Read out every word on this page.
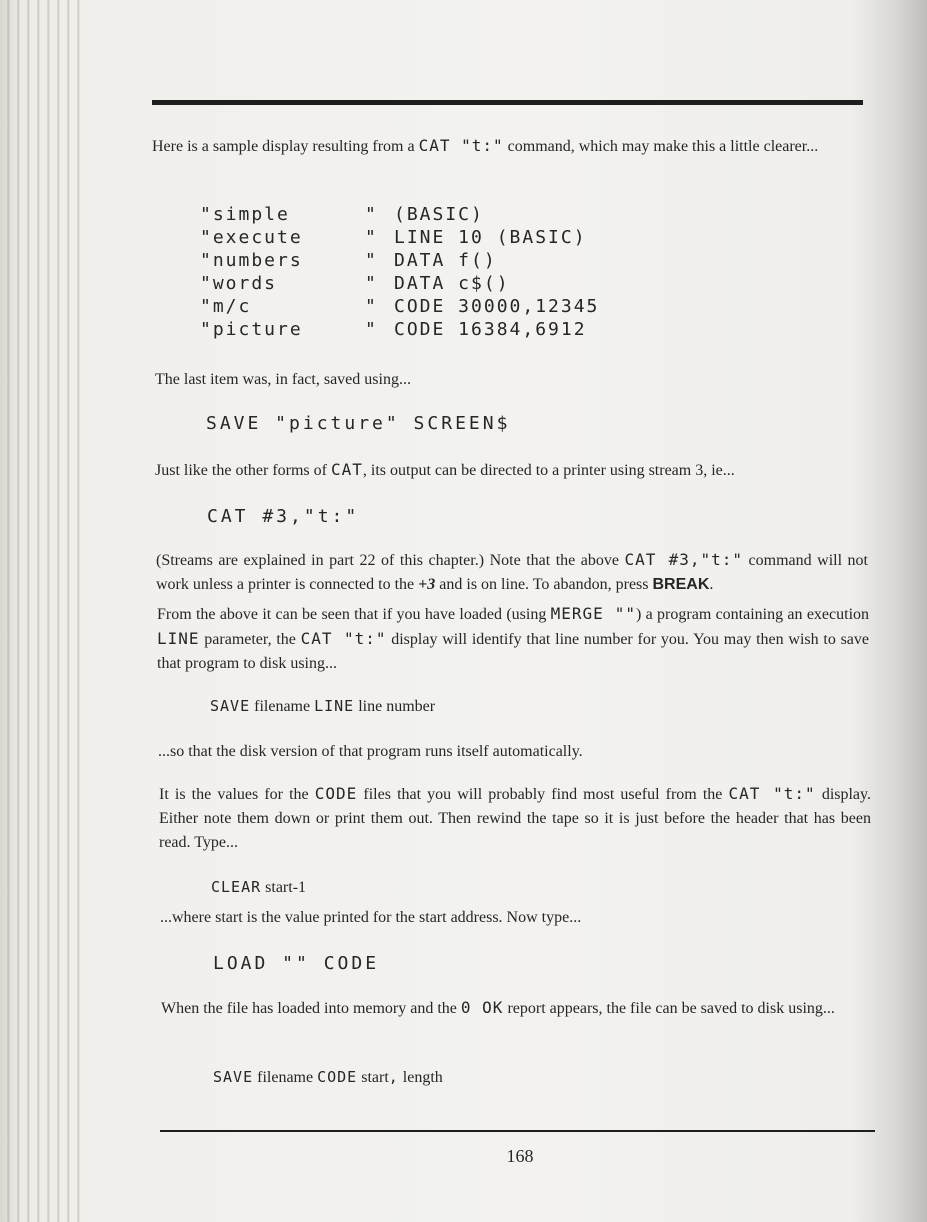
Here is a sample display resulting from a CAT "t:" command, which may make this a little clearer...

"simple	" (BASIC)
"execute	" LINE 10 (BASIC)
"numbers	" DATA f()
"words	" DATA c$()
"m/c	" CODE 30000,12345
"picture	" CODE 16384,6912

The last item was, in fact, saved using...

SAVE "picture" SCREEN$

Just like the other forms of CAT, its output can be directed to a printer using stream 3, ie...

CAT #3,"t:"

(Streams are explained in part 22 of this chapter.) Note that the above CAT #3,"t:" command will not work unless a printer is connected to the +3 and is on line. To abandon, press BREAK.

From the above it can be seen that if you have loaded (using MERGE "") a program containing an execution LINE parameter, the CAT "t:" display will identify that line number for you. You may then wish to save that program to disk using...

SAVE filename LINE line number

...so that the disk version of that program runs itself automatically.

It is the values for the CODE files that you will probably find most useful from the CAT "t:" display. Either note them down or print them out. Then rewind the tape so it is just before the header that has been read. Type...

CLEAR start-1

...where start is the value printed for the start address. Now type...

LOAD "" CODE

When the file has loaded into memory and the 0 OK report appears, the file can be saved to disk using...

SAVE filename CODE start, length

168
